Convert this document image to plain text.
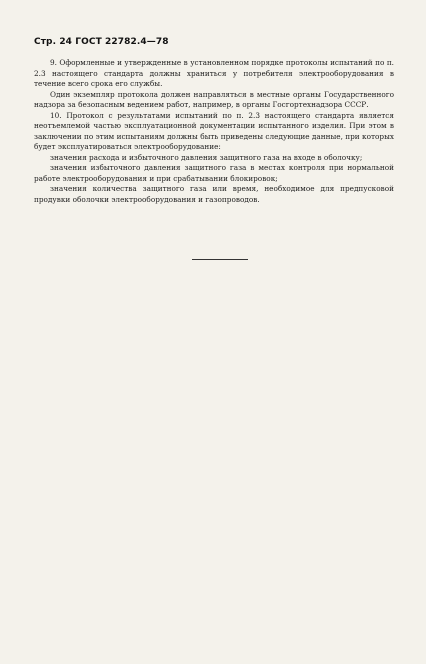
Стр. 24 ГОСТ 22782.4—78

9. Оформленные и утвержденные в установленном порядке протоколы испытаний по п. 2.3 настоящего стандарта должны храниться у потребителя электрооборудования в течение всего срока его службы.

Один экземпляр протокола должен направляться в местные органы Государственного надзора за безопасным ведением работ, например, в органы Госгортехнадзора СССР.

10. Протокол с результатами испытаний по п. 2.3 настоящего стандарта является неотъемлемой частью эксплуатационной документации испытанного изделия. При этом в заключении по этим испытаниям должны быть приведены следующие данные, при которых будет эксплуатироваться электрооборудование:

значения расхода и избыточного давления защитного газа на входе в оболочку;

значения избыточного давления защитного газа в местах контроля при нормальной работе электрооборудования и при срабатывании блокировок;

значения количества защитного газа или время, необходимое для предпусковой продувки оболочки электрооборудования и газопроводов.
